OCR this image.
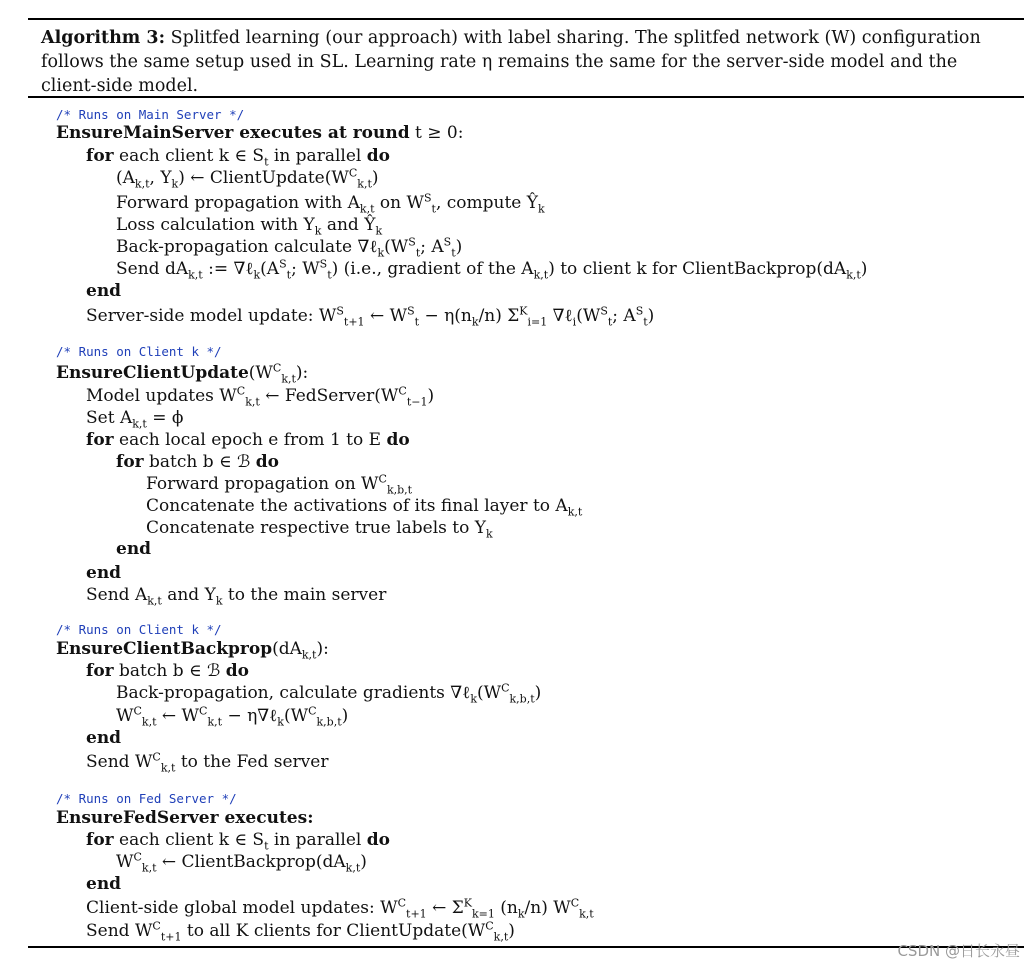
Algorithm 3: Splitfed learning (our approach) with label sharing. The splitfed network (W) configuration follows the same setup used in SL. Learning rate η remains the same for the server-side model and the client-side model.
/* Runs on Main Server */
EnsureMainServer executes at round t ≥ 0:
for each client k ∈ $S_t$ in parallel do
($A_{k,t}$, $Y_k$) ← $ClientUpdate(W^C_{k,t})$
Forward propagation with $A_{k,t}$ on $W^S_t$, compute $Ŷ_k$
Loss calculation with $Y_k$ and $Ŷ_k$
Back-propagation calculate $\nabla\ell_k(W^S_t$; $A^S_t$)
Send $dA_{k,t}$ := $\nabla\ell_k(A^S_t$; $W^S_t$) (i.e., gradient of the $A_{k,t}$) to client k for $ClientBackprop(dA_{k,t})$
end
Server-side model update: $W^S_{t+1}$ ← $W^S_t - \eta(n_k/n)$ $\Sigma^K_{i=1}$ $\nabla\ell_i(W^S_t$; $A^S_t$)
/* Runs on Client k */
$EnsureClientUpdate(W^C_{k,t})$:
Model updates $W^C_{k,t}$ ← $FedServer(W^C_{t-1})$
Set $A_{k,t} = \phi$
for each local epoch e from 1 to E do
for batch b ∈ ℬ do
Forward propagation on $W^C_{k,b,t}$
Concatenate the activations of its final layer to $A_{k,t}$
Concatenate respective true labels to $Y_k$
end
end
Send $A_{k,t}$ and $Y_k$ to the main server
/* Runs on Client k */
$EnsureClientBackprop(dA_{k,t})$:
for batch b ∈ ℬ do
Back-propagation, calculate gradients $\nabla\ell_k(W^C_{k,b,t})$
$W^C_{k,t}$ ← $W^C_{k,t}$ − $\eta\nabla\ell_k(W^C_{k,b,t})$
end
Send $W^C_{k,t}$ to the Fed server
/* Runs on Fed Server */
EnsureFedServer executes:
for each client k ∈ $S_t$ in parallel do
$W^C_{k,t}$ ← $ClientBackprop(dA_{k,t})$
end
Client-side global model updates: $W^C_{t+1}$ ← $\Sigma^K_{k=1}$ $(n_k/n)$ $W^C_{k,t}$
Send $W^C_{t+1}$ to all K clients for $ClientUpdate(W^C_{k,t})$
CSDN @日长永昼
